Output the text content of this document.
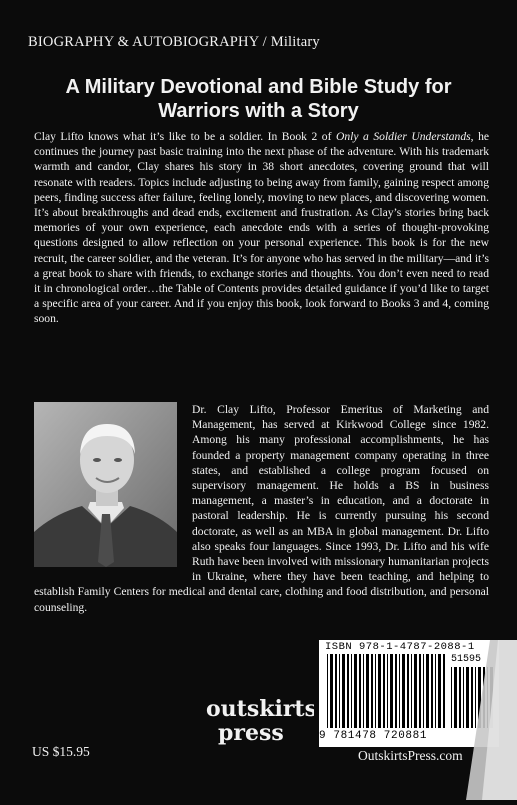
BIOGRAPHY & AUTOBIOGRAPHY / Military
A Military Devotional and Bible Study for
Warriors with a Story

Clay Lifto knows what it’s like to be a soldier. In Book 2 of Only a Soldier Understands, he continues the journey past basic training into the next phase of the adventure. With his trademark warmth and candor, Clay shares his story in 38 short anecdotes, covering ground that will resonate with readers. Topics include adjusting to being away from family, gaining respect among peers, finding success after failure, feeling lonely, moving to new places, and discovering women. It’s about breakthroughs and dead ends, excitement and frustration. As Clay’s stories bring back memories of your own experience, each anecdote ends with a series of thought-provoking questions designed to allow reflection on your personal experience. This book is for the new recruit, the career soldier, and the veteran. It’s for anyone who has served in the military—and it’s a great book to share with friends, to exchange stories and thoughts. You don’t even need to read it in chronological order…the Table of Contents provides detailed guidance if you’d like to target a specific area of your career. And if you enjoy this book, look forward to Books 3 and 4, coming soon.

Dr. Clay Lifto, Professor Emeritus of Marketing and Management, has served at Kirkwood College since 1982. Among his many professional accomplishments, he has founded a property management company operating in three states, and established a college program focused on supervisory management. He holds a BS in business management, a master’s in education, and a doctorate in pastoral leadership. He is currently pursuing his second doctorate, as well as an MBA in global management. Dr. Lifto also speaks four languages. Since 1993, Dr. Lifto and his wife Ruth have been involved with missionary humanitarian projects in Ukraine, where they have been teaching, and helping to establish Family Centers for medical and dental care, clothing and food distribution, and personal counseling.

ISBN 978-1-4787-2088-1
51595
9 781478 720881
outskirts
press
US $15.95	OutskirtsPress.com
